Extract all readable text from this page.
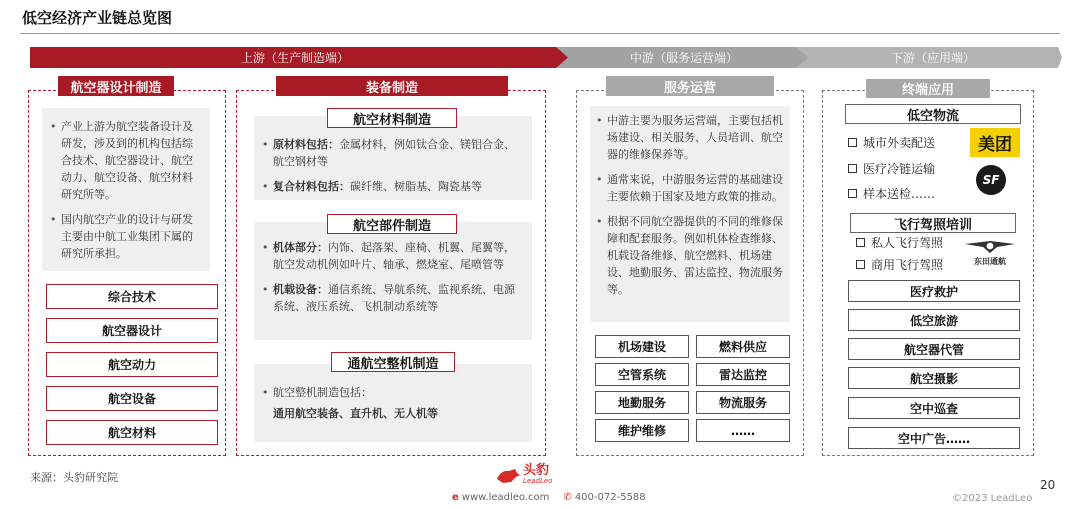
低空经济产业链总览图
上游（生产制造端）	中游（服务运营端）	下游（应用端）
航空器设计制造
• 产业上游为航空装备设计及研发，涉及到的机构包括综合技术、航空器设计、航空动力、航空设备、航空材料研究所等。
• 国内航空产业的设计与研发主要由中航工业集团下属的研究所承担。
综合技术
航空器设计
航空动力
航空设备
航空材料
装备制造
• 原材料包括：金属材料，例如钛合金、镁铝合金、航空钢材等
• 复合材料包括：碳纤维、树脂基、陶瓷基等
航空材料制造
• 机体部分：内饰、起落架、座椅、机翼、尾翼等，航空发动机例如叶片、轴承、燃烧室、尾喷管等
• 机载设备：通信系统、导航系统、监视系统、电源系统、液压系统、飞机制动系统等
航空部件制造
• 航空整机制造包括：
通用航空装备、直升机、无人机等
通航空整机制造
服务运营
• 中游主要为服务运营端，主要包括机场建设、相关服务、人员培训、航空器的维修保养等。
• 通常来说，中游服务运营的基础建设主要依赖于国家及地方政策的推动。
• 根据不同航空器提供的不同的维修保障和配套服务。例如机体检查维修、机载设备维修、航空燃料、机场建设、地勤服务、雷达监控、物流服务等。
机场建设	燃料供应
空管系统	雷达监控
地勤服务	物流服务
维护维修	……
终端应用
低空物流
城市外卖配送
医疗冷链运输
样本送检……
美团
SF
飞行驾照培训
私人飞行驾照
商用飞行驾照	东田通航
医疗救护
低空旅游
航空器代管
航空摄影
空中巡查
空中广告……
来源：头豹研究院	头豹
LeadLeo
e www.leadleo.com ✆ 400-072-5588
20
©2023 LeadLeo
